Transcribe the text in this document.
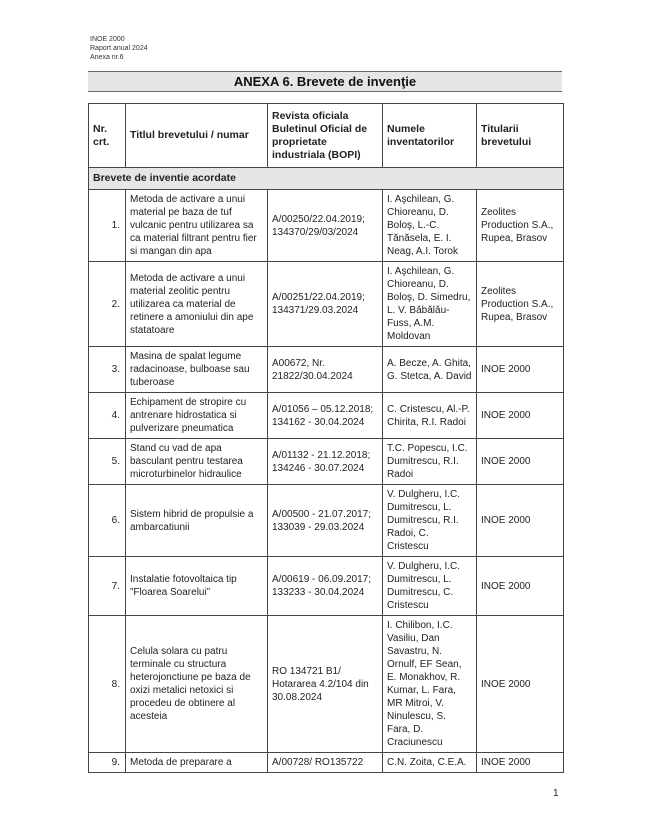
INOE 2000
Raport anual 2024
Anexa nr.6
ANEXA 6. Brevete de invenţie
Nr. crt.	Titlul brevetului / numar	Revista oficiala Buletinul Oficial de proprietate industriala (BOPI)	Numele inventatorilor	Titularii brevetului
Brevete de inventie acordate				
1.	Metoda de activare a unui material pe baza de tuf vulcanic pentru utilizarea sa ca material filtrant pentru fier si mangan din apa	A/00250/22.04.2019; 134370/29/03/2024	I. Aşchilean, G. Chioreanu, D. Boloş, L.-C. Tănăsela, E. I. Neag, A.I. Torok	Zeolites Production S.A., Rupea, Brasov
2.	Metoda de activare a unui material zeolitic pentru utilizarea ca material de retinere a amoniului din ape statatoare	A/00251/22.04.2019; 134371/29.03.2024	I. Aşchilean, G. Chioreanu, D. Boloş, D. Simedru, L. V. Bǎbǎlǎu-Fuss, A.M. Moldovan	Zeolites Production S.A., Rupea, Brasov
3.	Masina de spalat legume radacinoase, bulboase sau tuberoase	A00672, Nr. 21822/30.04.2024	A. Becze, A. Ghita, G. Stetca, A. David	INOE 2000
4.	Echipament de stropire cu antrenare hidrostatica si pulverizare pneumatica	A/01056 – 05.12.2018; 134162 - 30.04.2024	C. Cristescu, Al.-P. Chirita, R.I. Radoi	INOE 2000
5.	Stand cu vad de apa basculant pentru testarea microturbinelor hidraulice	A/01132 - 21.12.2018; 134246 - 30.07.2024	T.C. Popescu, I.C. Dumitrescu, R.I. Radoi	INOE 2000
6.	Sistem hibrid de propulsie a ambarcatiunii	A/00500 - 21.07.2017; 133039 - 29.03.2024	V. Dulgheru, I.C. Dumitrescu, L. Dumitrescu, R.I. Radoi, C. Cristescu	INOE 2000
7.	Instalatie fotovoltaica tip ”Floarea Soarelui”	A/00619 - 06.09.2017; 133233 - 30.04.2024	V. Dulgheru, I.C. Dumitrescu, L. Dumitrescu, C. Cristescu	INOE 2000
8.	Celula solara cu patru terminale cu structura heterojonctiune pe baza de oxizi metalici netoxici si procedeu de obtinere al acesteia	RO 134721 B1/ Hotararea 4.2/104 din 30.08.2024	I. Chilibon, I.C. Vasiliu, Dan Savastru, N. Ornulf, EF Sean, E. Monakhov, R. Kumar, L. Fara, MR Mitroi, V. Ninulescu, S. Fara, D. Craciunescu	INOE 2000
9.	Metoda de preparare a	A/00728/ RO135722	C.N. Zoita, C.E.A.	INOE 2000
1
